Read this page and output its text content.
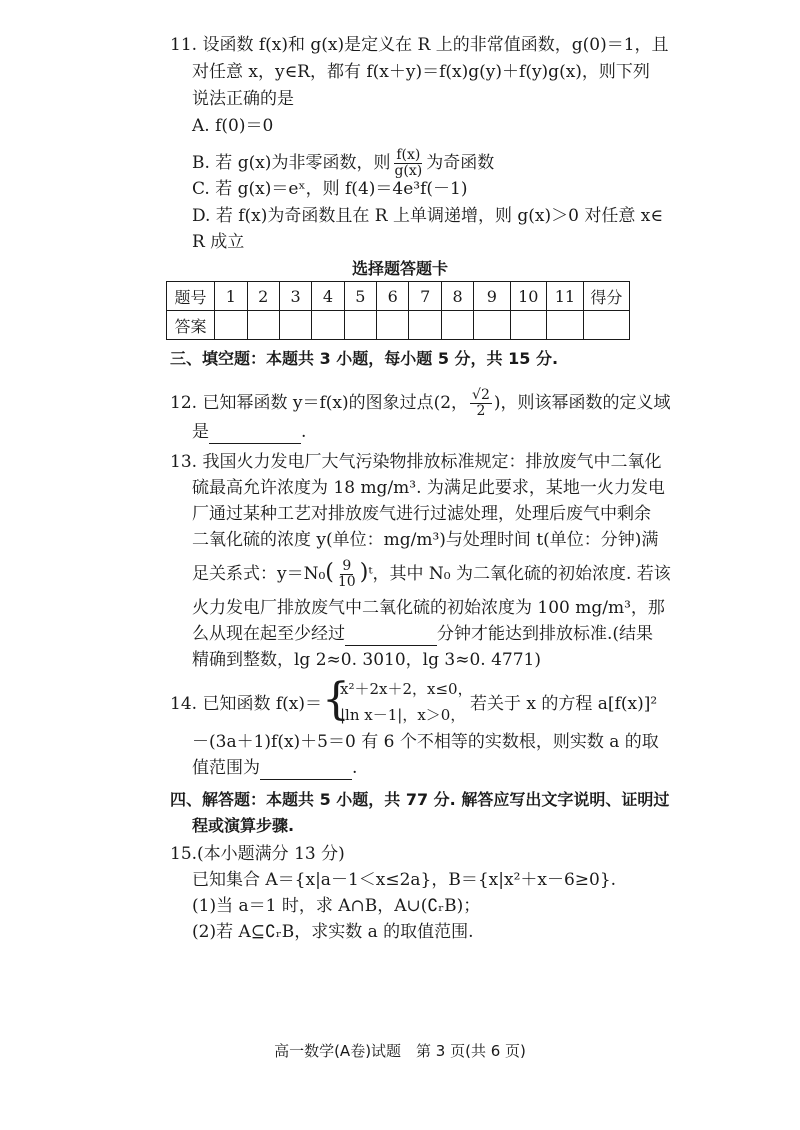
11. 设函数 f(x)和 g(x)是定义在 R 上的非常值函数，g(0)＝1，且
对任意 x，y∈R，都有 f(x＋y)＝f(x)g(y)＋f(y)g(x)，则下列
说法正确的是
A. f(0)＝0
B. 若 g(x)为非零函数，则 $\frac{f(x)}{g(x)}$ 为奇函数
C. 若 g(x)＝eˣ，则 f(4)＝4e³f(－1)
D. 若 f(x)为奇函数且在 R 上单调递增，则 g(x)＞0 对任意 x∈
R 成立
选择题答题卡
题号	1	2	3	4	5	6	7	8	9	10	11	得分
答案												
三、填空题：本题共 3 小题，每小题 5 分，共 15 分.
12. 已知幂函数 y＝f(x)的图象过点(2， $\frac{√2}{2}$ )，则该幂函数的定义域
是	.
13. 我国火力发电厂大气污染物排放标准规定：排放废气中二氧化
硫最高允许浓度为 18 mg/m³. 为满足此要求，某地一火力发电
厂通过某种工艺对排放废气进行过滤处理，处理后废气中剩余
二氧化硫的浓度 y(单位：mg/m³)与处理时间 t(单位：分钟)满
足关系式：$y=N_0( \frac{9}{10}$ )ᵗ，其中 N₀ 为二氧化硫的初始浓度. 若该
火力发电厂排放废气中二氧化硫的初始浓度为 100 mg/m³，那
么从现在起至少经过	分钟才能达到排放标准.(结果
精确到整数，lg 2≈0. 3010，lg 3≈0. 4771)
14. 已知函数 f(x)＝ {
x²＋2x＋2，x≤0，
|ln x－1|，x＞0，
若关于 x 的方程 a[f(x)]²
－(3a＋1)f(x)＋5＝0 有 6 个不相等的实数根，则实数 a 的取
值范围为	.
四、解答题：本题共 5 小题，共 77 分. 解答应写出文字说明、证明过
程或演算步骤.
15.(本小题满分 13 分)
已知集合 A＝{x|a－1＜x≤2a}，B＝{x|x²＋x－6≥0}.
(1)当 a＝1 时，求 A∩B，A∪(∁ᵣB)；
(2)若 A⊆∁ᵣB，求实数 a 的取值范围.
高一数学(A卷)试题　第 3 页(共 6 页)
